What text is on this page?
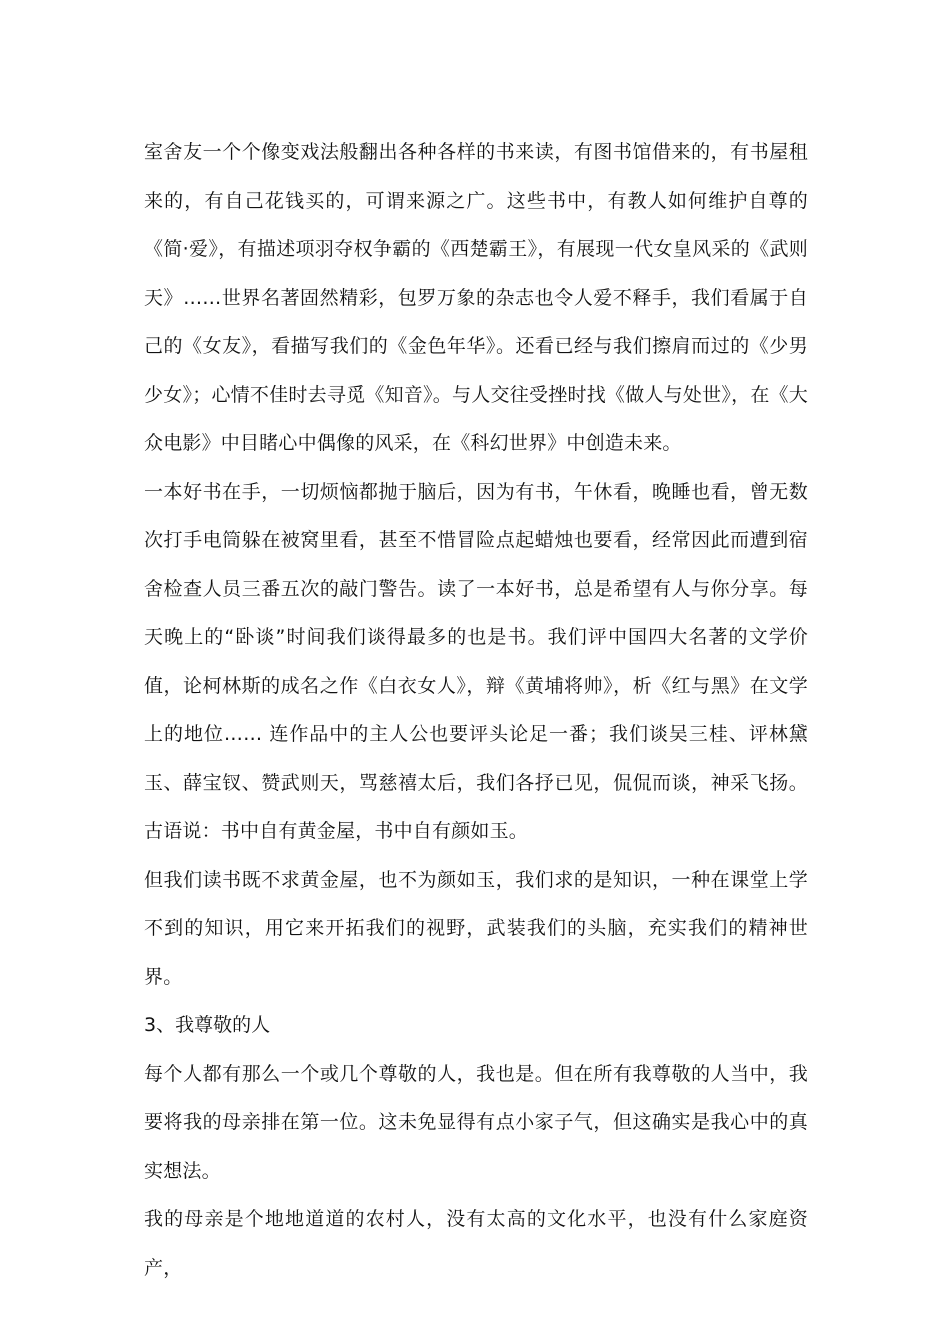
室舍友一个个像变戏法般翻出各种各样的书来读，有图书馆借来的，有书屋租来的，有自己花钱买的，可谓来源之广。这些书中，有教人如何维护自尊的《简·爱》，有描述项羽夺权争霸的《西楚霸王》，有展现一代女皇风采的《武则天》……世界名著固然精彩，包罗万象的杂志也令人爱不释手，我们看属于自己的《女友》，看描写我们的《金色年华》。还看已经与我们擦肩而过的《少男少女》；心情不佳时去寻觅《知音》。与人交往受挫时找《做人与处世》，在《大众电影》中目睹心中偶像的风采，在《科幻世界》中创造未来。

一本好书在手，一切烦恼都抛于脑后，因为有书，午休看，晚睡也看，曾无数次打手电筒躲在被窝里看，甚至不惜冒险点起蜡烛也要看，经常因此而遭到宿舍检查人员三番五次的敲门警告。读了一本好书，总是希望有人与你分享。每天晚上的“卧谈”时间我们谈得最多的也是书。我们评中国四大名著的文学价值，论柯林斯的成名之作《白衣女人》，辩《黄埔将帅》，析《红与黑》在文学上的地位…… 连作品中的主人公也要评头论足一番；我们谈吴三桂、评林黛玉、薛宝钗、赞武则天，骂慈禧太后，我们各抒已见，侃侃而谈，神采飞扬。古语说：书中自有黄金屋，书中自有颜如玉。

但我们读书既不求黄金屋，也不为颜如玉，我们求的是知识，一种在课堂上学不到的知识，用它来开拓我们的视野，武装我们的头脑，充实我们的精神世界。

3、我尊敬的人

每个人都有那么一个或几个尊敬的人，我也是。但在所有我尊敬的人当中，我要将我的母亲排在第一位。这未免显得有点小家子气，但这确实是我心中的真实想法。

我的母亲是个地地道道的农村人，没有太高的文化水平，也没有什么家庭资产，
